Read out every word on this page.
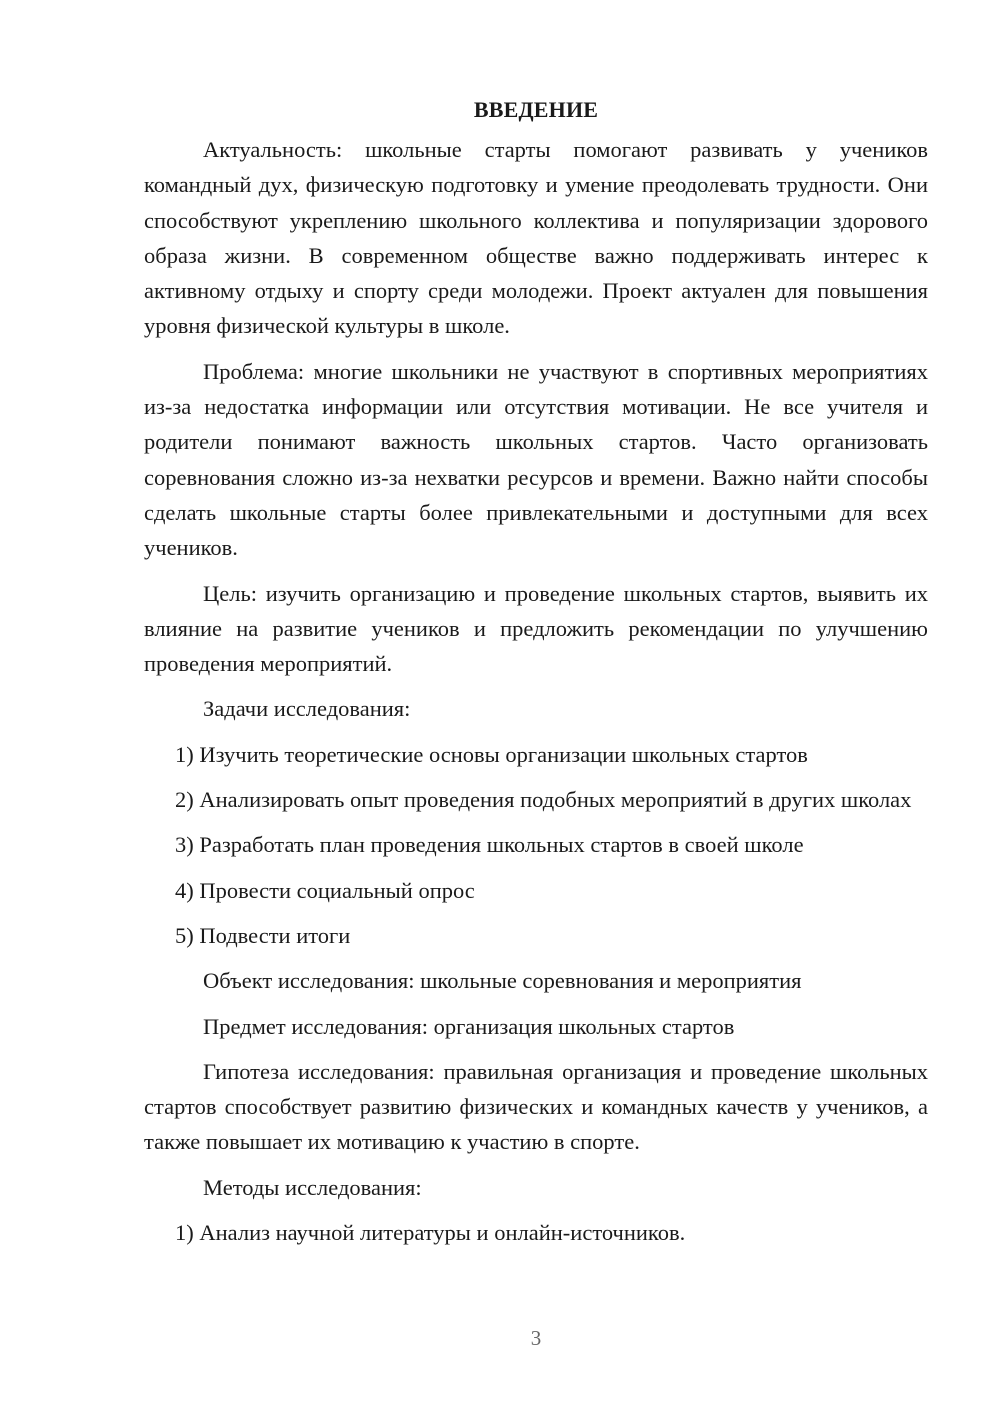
ВВЕДЕНИЕ

Актуальность: школьные старты помогают развивать у учеников командный дух, физическую подготовку и умение преодолевать трудности. Они способствуют укреплению школьного коллектива и популяризации здорового образа жизни. В современном обществе важно поддерживать интерес к активному отдыху и спорту среди молодежи. Проект актуален для повышения уровня физической культуры в школе.

Проблема: многие школьники не участвуют в спортивных мероприятиях из-за недостатка информации или отсутствия мотивации. Не все учителя и родители понимают важность школьных стартов. Часто организовать соревнования сложно из-за нехватки ресурсов и времени. Важно найти способы сделать школьные старты более привлекательными и доступными для всех учеников.

Цель: изучить организацию и проведение школьных стартов, выявить их влияние на развитие учеников и предложить рекомендации по улучшению проведения мероприятий.

Задачи исследования:

1) Изучить теоретические основы организации школьных стартов

2) Анализировать опыт проведения подобных мероприятий в других школах

3) Разработать план проведения школьных стартов в своей школе

4) Провести социальный опрос

5) Подвести итоги

Объект исследования: школьные соревнования и мероприятия

Предмет исследования: организация школьных стартов

Гипотеза исследования: правильная организация и проведение школьных стартов способствует развитию физических и командных качеств у учеников, а также повышает их мотивацию к участию в спорте.

Методы исследования:

1) Анализ научной литературы и онлайн-источников.

3
